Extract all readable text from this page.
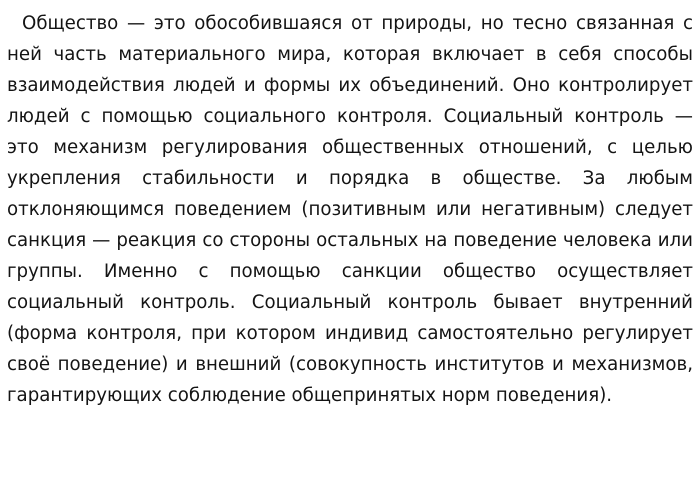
Общество — это обособившаяся от природы, но тесно связанная с ней часть материального мира, которая включает в себя способы взаимодействия людей и формы их объединений. Оно контролирует людей с помощью социального контроля. Социальный контроль — это механизм регулирования общественных отношений, с целью укрепления стабильности и порядка в обществе. За любым отклоняющимся поведением (позитивным или негативным) следует санкция — реакция со стороны остальных на поведение человека или группы. Именно с помощью санкции общество осуществляет социальный контроль. Социальный контроль бывает внутренний (форма контроля, при котором индивид самостоятельно регулирует своё поведение) и внешний (совокупность институтов и механизмов, гарантирующих соблюдение общепринятых норм поведения).
